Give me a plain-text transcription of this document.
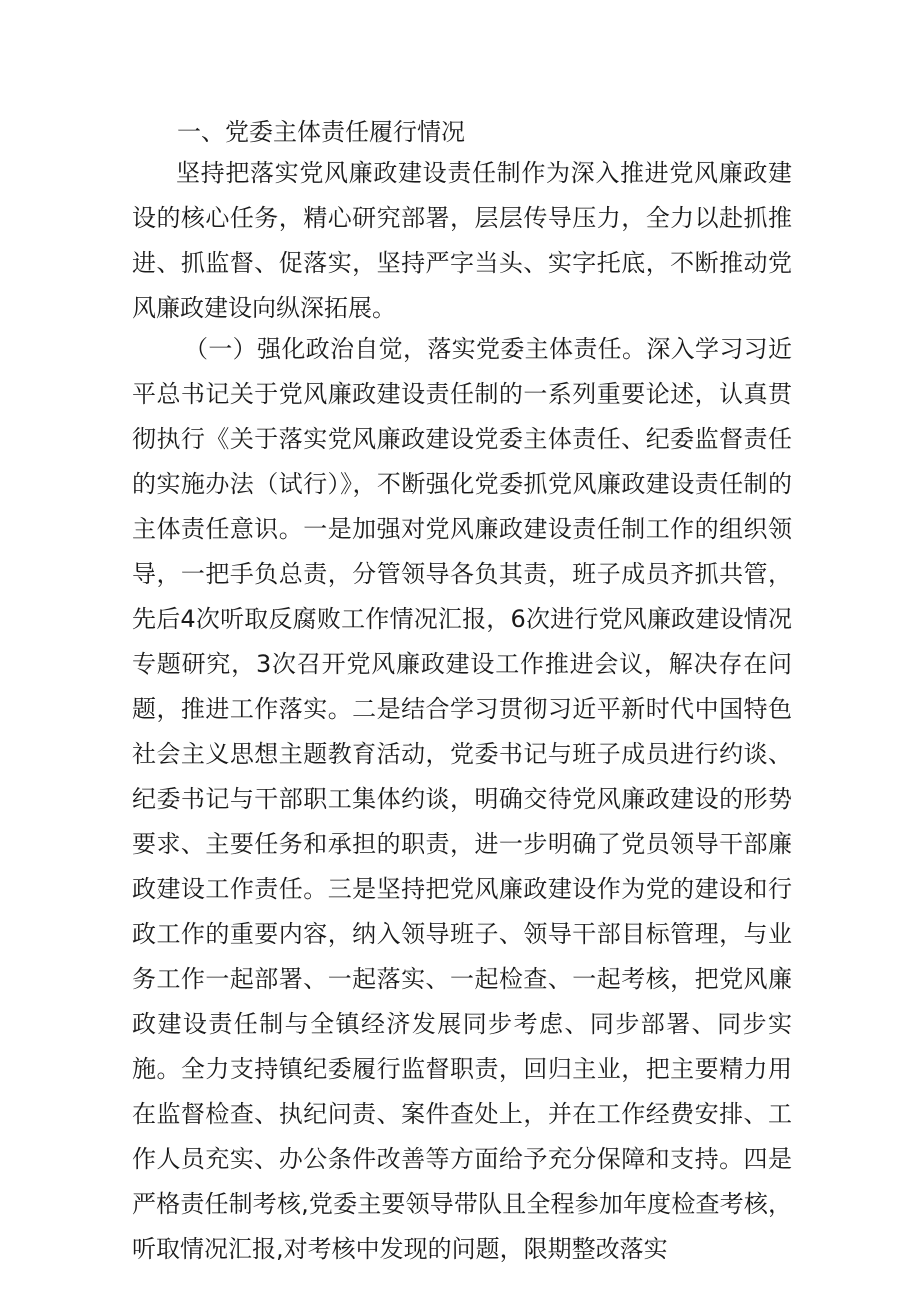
一、党委主体责任履行情况

坚持把落实党风廉政建设责任制作为深入推进党风廉政建设的核心任务，精心研究部署，层层传导压力，全力以赴抓推进、抓监督、促落实，坚持严字当头、实字托底，不断推动党风廉政建设向纵深拓展。

（一）强化政治自觉，落实党委主体责任。深入学习习近平总书记关于党风廉政建设责任制的一系列重要论述，认真贯彻执行《关于落实党风廉政建设党委主体责任、纪委监督责任的实施办法（试行）》，不断强化党委抓党风廉政建设责任制的主体责任意识。一是加强对党风廉政建设责任制工作的组织领导，一把手负总责，分管领导各负其责，班子成员齐抓共管，先后4次听取反腐败工作情况汇报，6次进行党风廉政建设情况专题研究，3次召开党风廉政建设工作推进会议，解决存在问题，推进工作落实。二是结合学习贯彻习近平新时代中国特色社会主义思想主题教育活动，党委书记与班子成员进行约谈、纪委书记与干部职工集体约谈，明确交待党风廉政建设的形势要求、主要任务和承担的职责，进一步明确了党员领导干部廉政建设工作责任。三是坚持把党风廉政建设作为党的建设和行政工作的重要内容，纳入领导班子、领导干部目标管理，与业务工作一起部署、一起落实、一起检查、一起考核，把党风廉政建设责任制与全镇经济发展同步考虑、同步部署、同步实施。全力支持镇纪委履行监督职责，回归主业，把主要精力用在监督检查、执纪问责、案件查处上，并在工作经费安排、工作人员充实、办公条件改善等方面给予充分保障和支持。四是严格责任制考核,党委主要领导带队且全程参加年度检查考核，听取情况汇报,对考核中发现的问题，限期整改落实
